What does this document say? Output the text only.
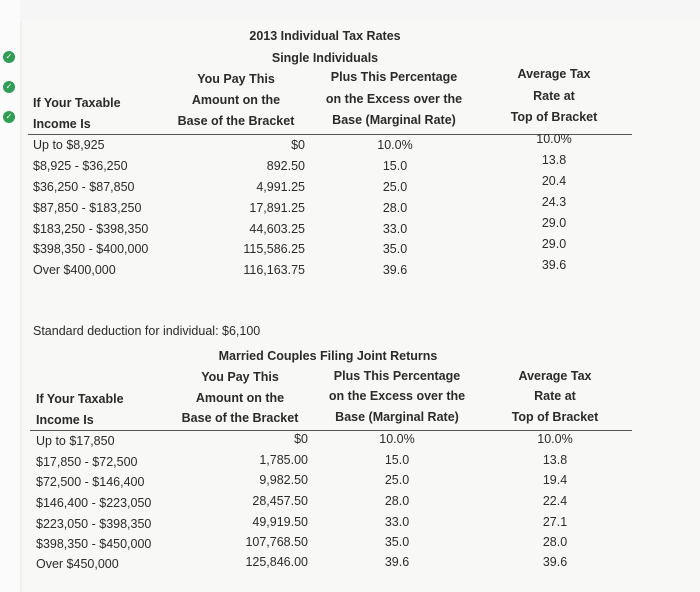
✓
✓
✓
2013 Individual Tax Rates
Single Individuals
You Pay This
Amount on the
Base of the Bracket
Plus This Percentage
on the Excess over the
Base (Marginal Rate)
Average Tax
Rate at
Top of Bracket
If Your Taxable
Income Is
Up to $8,925	$0	10.0%	10.0%
$8,925 - $36,250	892.50	15.0	13.8
$36,250 - $87,850	4,991.25	25.0	20.4
$87,850 - $183,250	17,891.25	28.0	24.3
$183,250 - $398,350	44,603.25	33.0	29.0
$398,350 - $400,000	115,586.25	35.0	29.0
Over $400,000	116,163.75	39.6	39.6
Standard deduction for individual: $6,100
Married Couples Filing Joint Returns
You Pay This
Amount on the
Base of the Bracket
Plus This Percentage
on the Excess over the
Base (Marginal Rate)
Average Tax
Rate at
Top of Bracket
If Your Taxable
Income Is
Up to $17,850	$0	10.0%	10.0%
$17,850 - $72,500	1,785.00	15.0	13.8
$72,500 - $146,400	9,982.50	25.0	19.4
$146,400 - $223,050	28,457.50	28.0	22.4
$223,050 - $398,350	49,919.50	33.0	27.1
$398,350 - $450,000	107,768.50	35.0	28.0
Over $450,000	125,846.00	39.6	39.6
